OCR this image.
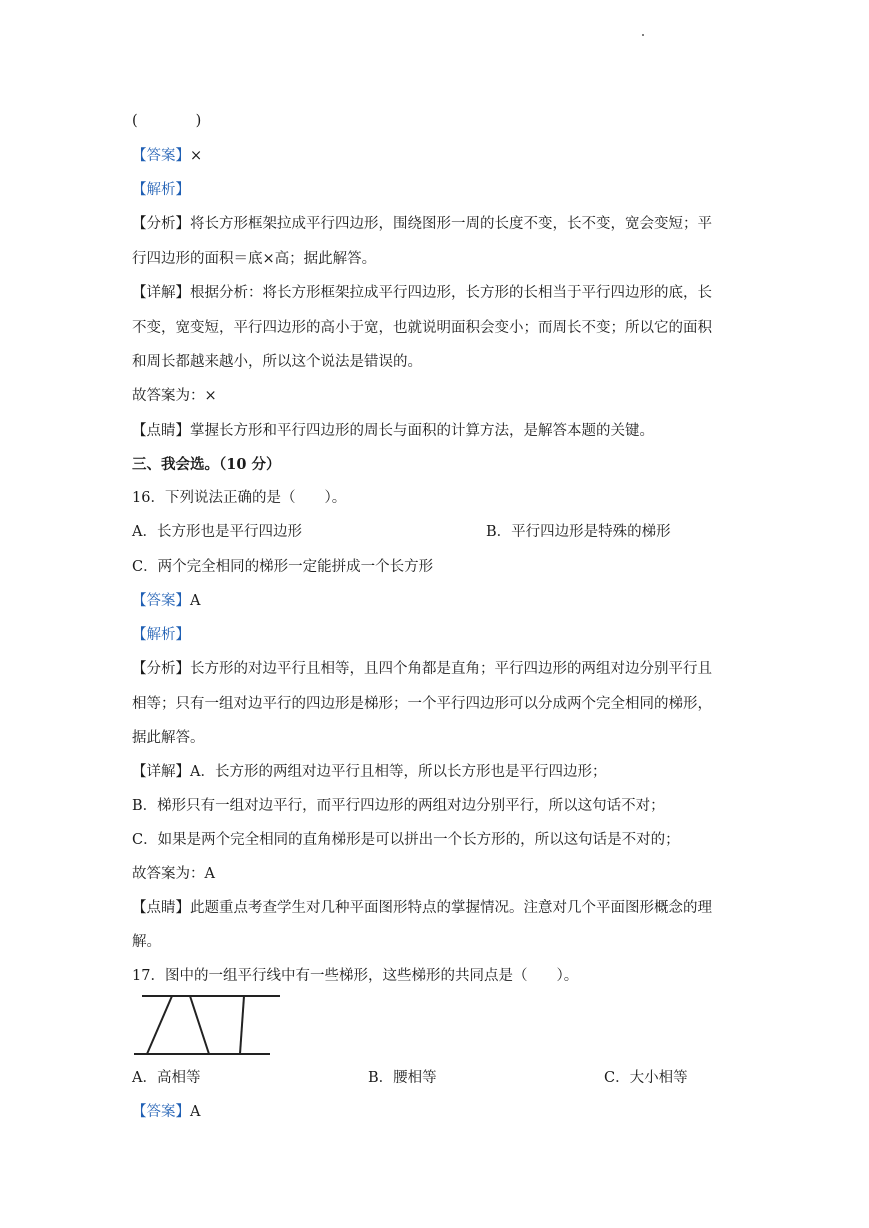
(　　　　)
【答案】×
【解析】
【分析】将长方形框架拉成平行四边形，围绕图形一周的长度不变，长不变，宽会变短；平
行四边形的面积＝底×高；据此解答。
【详解】根据分析：将长方形框架拉成平行四边形，长方形的长相当于平行四边形的底，长
不变，宽变短，平行四边形的高小于宽，也就说明面积会变小；而周长不变；所以它的面积
和周长都越来越小，所以这个说法是错误的。
故答案为：×
【点睛】掌握长方形和平行四边形的周长与面积的计算方法，是解答本题的关键。
三、我会选。（10 分）
16．下列说法正确的是（　　）。
A．长方形也是平行四边形	B．平行四边形是特殊的梯形
C．两个完全相同的梯形一定能拼成一个长方形
【答案】A
【解析】
【分析】长方形的对边平行且相等，且四个角都是直角；平行四边形的两组对边分别平行且
相等；只有一组对边平行的四边形是梯形；一个平行四边形可以分成两个完全相同的梯形，
据此解答。
【详解】A．长方形的两组对边平行且相等，所以长方形也是平行四边形；
B．梯形只有一组对边平行，而平行四边形的两组对边分别平行，所以这句话不对；
C．如果是两个完全相同的直角梯形是可以拼出一个长方形的，所以这句话是不对的；
故答案为：A
【点睛】此题重点考查学生对几种平面图形特点的掌握情况。注意对几个平面图形概念的理
解。
17．图中的一组平行线中有一些梯形，这些梯形的共同点是（　　）。
A．高相等	B．腰相等	C．大小相等
【答案】A
